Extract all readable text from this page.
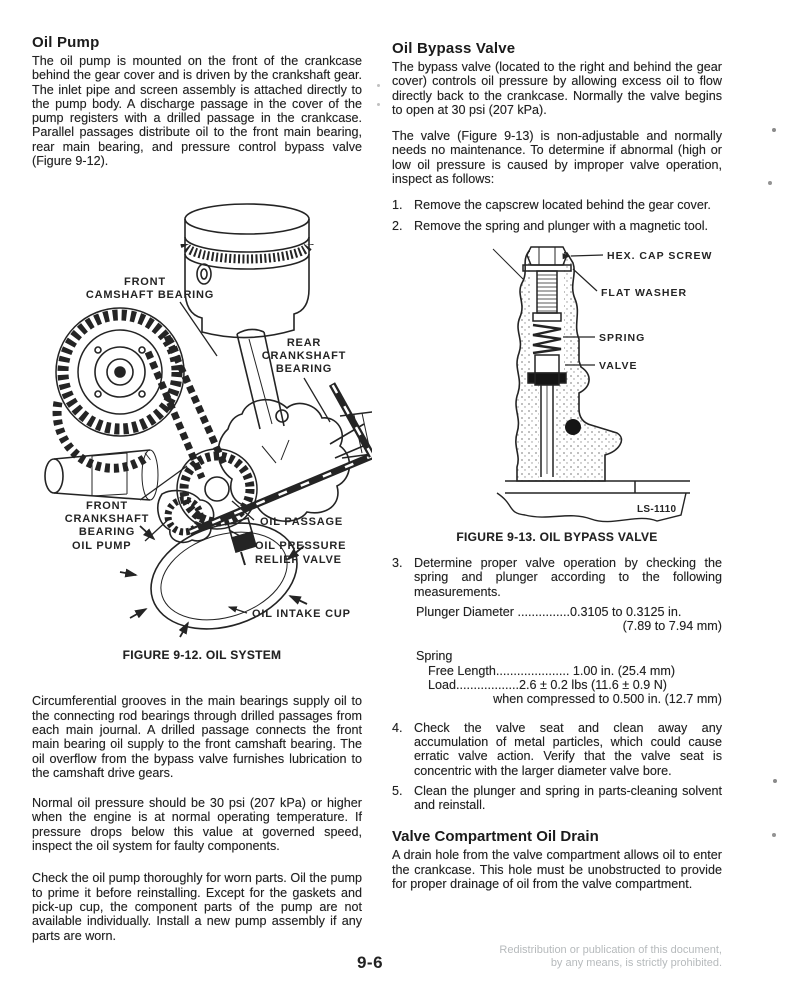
Oil Pump

The oil pump is mounted on the front of the crankcase behind the gear cover and is driven by the crankshaft gear. The inlet pipe and screen assembly is attached directly to the pump body. A discharge passage in the cover of the pump registers with a drilled passage in the crankcase. Parallel passages distribute oil to the front main bearing, rear main bearing, and pressure control bypass valve (Figure 9-12).

FRONT
CAMSHAFT BEARING
REAR
CRANKSHAFT
BEARING
FRONT
CRANKSHAFT
BEARING
OIL PUMP
OIL PASSAGE
OIL PRESSURE
RELIEF VALVE
OIL INTAKE CUP
FIGURE 9-12. OIL SYSTEM

Circumferential grooves in the main bearings supply oil to the connecting rod bearings through drilled passages from each main journal. A drilled passage connects the front main bearing oil supply to the front camshaft bearing. The oil overflow from the bypass valve furnishes lubrication to the camshaft drive gears.

Normal oil pressure should be 30 psi (207 kPa) or higher when the engine is at normal operating temperature. If pressure drops below this value at governed speed, inspect the oil system for faulty components.

Check the oil pump thoroughly for worn parts. Oil the pump to prime it before reinstalling. Except for the gaskets and pick-up cup, the component parts of the pump are not available individually. Install a new pump assembly if any parts are worn.

Oil Bypass Valve

The bypass valve (located to the right and behind the gear cover) controls oil pressure by allowing excess oil to flow directly back to the crankcase. Normally the valve begins to open at 30 psi (207 kPa).

The valve (Figure 9-13) is non-adjustable and normally needs no maintenance. To determine if abnormal (high or low oil pressure is caused by improper valve operation, inspect as follows:

1. Remove the capscrew located behind the gear cover.
2. Remove the spring and plunger with a magnetic tool.
HEX. CAP SCREW
FLAT WASHER
SPRING
VALVE
LS-1110
FIGURE 9-13. OIL BYPASS VALVE
3. Determine proper valve operation by checking the spring and plunger according to the following measurements.
Plunger Diameter ...............0.3105 to 0.3125 in.
(7.89 to 7.94 mm)
Spring
Free Length..................... 1.00 in. (25.4 mm)
Load..................2.6 ± 0.2 lbs (11.6 ± 0.9 N)
when compressed to 0.500 in. (12.7 mm)
4. Check the valve seat and clean away any accumulation of metal particles, which could cause erratic valve action. Verify that the valve seat is concentric with the larger diameter valve bore.
5. Clean the plunger and spring in parts-cleaning solvent and reinstall.
Valve Compartment Oil Drain

A drain hole from the valve compartment allows oil to enter the crankcase. This hole must be unobstructed to provide for proper drainage of oil from the valve compartment.

Redistribution or publication of this document,
by any means, is strictly prohibited.
9-6
